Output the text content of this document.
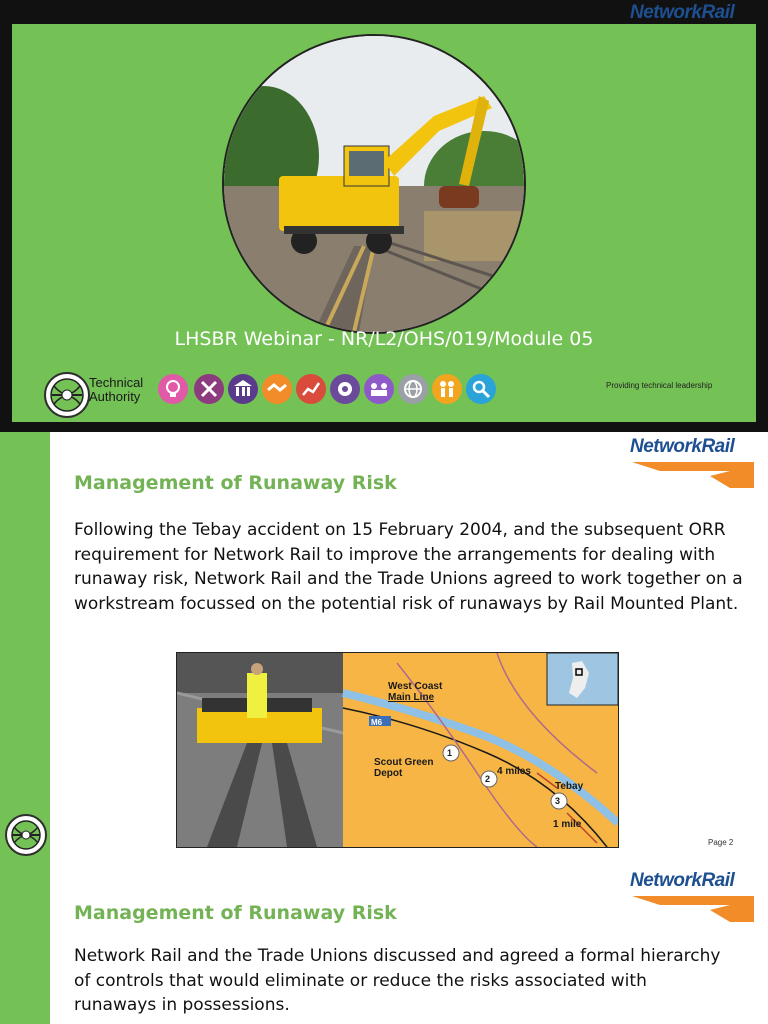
NetworkRail
LHSBR Webinar - NR/L2/OHS/019/Module 05
Technical
Authority
Providing technical leadership
NetworkRail
Management of Runaway Risk
Following the Tebay accident on 15 February 2004, and the subsequent ORR requirement for Network Rail to improve the arrangements for dealing with runaway risk, Network Rail and the Trade Unions agreed to work together on a workstream focussed on the potential risk of runaways by Rail Mounted Plant.
West Coast
Main Line
M6
Scout Green
Depot
1
2
3
4 miles
Tebay
1 mile
Page 2
NetworkRail
Management of Runaway Risk
Network Rail and the Trade Unions discussed and agreed a formal hierarchy of controls that would eliminate or reduce the risks associated with runaways in possessions.
